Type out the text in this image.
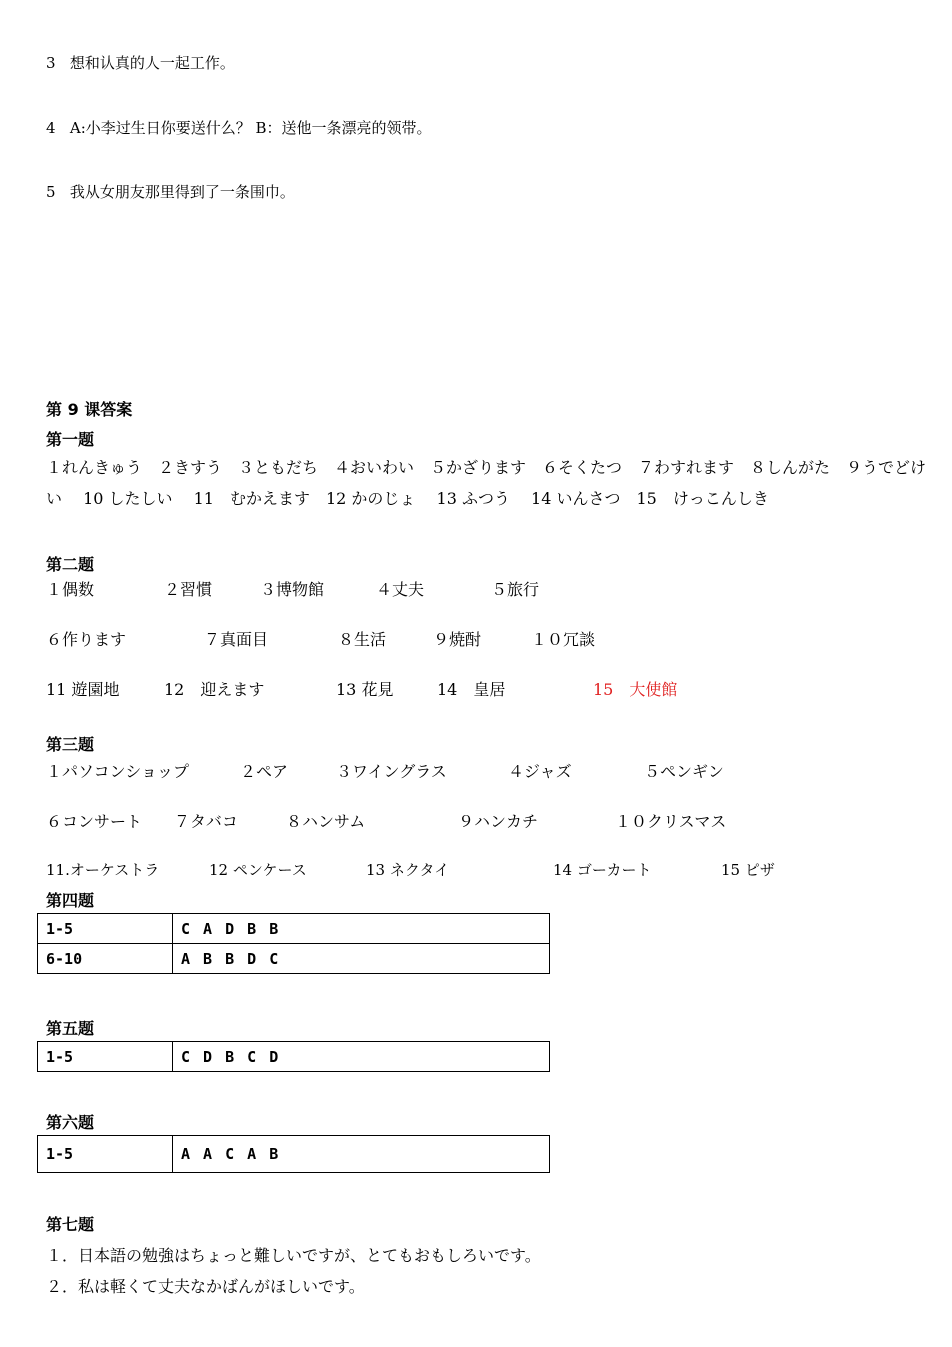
3 想和认真的人一起工作。
4 A:小李过生日你要送什么？ B：送他一条漂亮的领带。
5 我从女朋友那里得到了一条围巾。
第 9 课答案
第一题
１れんきゅう　２きすう　３ともだち　４おいわい　５かざります　６そくたつ　７わすれます　８しんがた　９うでどけい　 10 したしい　 11　むかえます　12 かのじょ　 13 ふつう　 14 いんさつ　15　けっこんしき
第二题
１偶数	２習慣	３博物館	４丈夫	５旅行
６作ります	７真面目	８生活	９焼酎	１０冗談
11 遊園地	12　迎えます	13 花見	14　皇居	15　大使館
第三题
１パソコンショップ	２ペア	３ワイングラス	４ジャズ	５ペンギン
６コンサート ７タバコ	８ハンサム	９ハンカチ	１０クリスマス
11.オーケストラ	12 ペンケース	13 ネクタイ	14 ゴーカート	15 ピザ
第四题
1-5	C A D B B
6-10	A B B D C
第五题
1-5	C D B C D
第六题
1-5	A A C A B
第七题
１．日本語の勉強はちょっと難しいですが、とてもおもしろいです。
２．私は軽くて丈夫なかばんがほしいです。
